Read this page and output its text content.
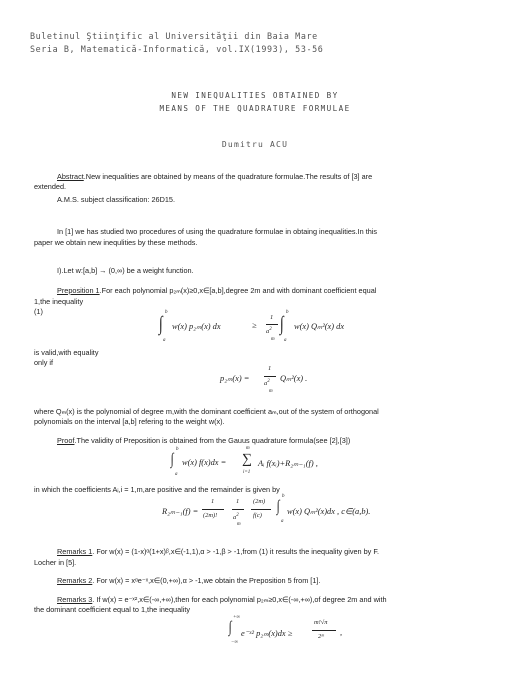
Buletinul Ştiinţific al Universităţii din Baia Mare
Seria B, Matematică-Informatică, vol.IX(1993), 53-56
NEW INEQUALITIES OBTAINED BY
MEANS OF THE QUADRATURE FORMULAE
Dumitru ACU
Abstract.New inequalities are obtained by means of the quadrature formulae.The results of [3] are
extended.
A.M.S. subject classification: 26D15.
In [1] we has studied two procedures of using the quadrature formulae in obtaing inequalities.In this
paper we obtain new inequlities by these methods.
I).Let w:[a,b] → (0,∞) be a weight function.
Preposition 1.For each polynomial p₂ₘ(x)≥0,x∈[a,b],degree 2m and with dominant coefficient equal
1,the inequality
(1)	b
∫
a
w(x) p₂ₘ(x) dx	≥
1
$a^2$
m
b
∫
a
w(x) Qₘ²(x) dx
is valid,with equality
only if
p₂ₘ(x) =
1
$a^2$
m
Qₘ²(x) .
where Qₘ(x) is the polynomial of degree m,with the dominant coefficient aₘ,out of the system of orthogonal
polynomials on the interval [a,b] refering to the weight w(x).
Proof.The validity of Preposition is obtained from the Gauus quadrature formula(see [2],[3])
b
∫
a
w(x) f(x)dx =
m
∑
i=1
Aᵢ f(xᵢ)+R₂ₘ₋₁(f) ,
in which the coefficients Aᵢ,i = 1,m,are positive and the remainder is given by
R₂ₘ₋₁(f) =
1
(2m)!
1
$a^2$
m
(2m)
f(c)
b
∫
a
w(x) Qₘ²(x)dx , c∈(a,b).
Remarks 1. For w(x) = (1-x)ᵅ(1+x)ᵝ,x∈(-1,1),α > -1,β > -1,from (1) it results the inequality given by F.
Locher in [5].
Remarks 2. For w(x) = xᵅe⁻ˣ,x∈(0,+∞),α > -1,we obtain the Preposition 5 from [1].
Remarks 3. If w(x) = e⁻ˣ²,x∈(-∞,+∞),then for each polynomial p₂ₘ≥0,x∈(-∞,+∞),of degree 2m and with
the dominant coefficient equal to 1,the inequality
+∞
∫
−∞
e⁻ˣ² p₂ₘ(x)dx ≥
m!√π
2ᵐ ,
